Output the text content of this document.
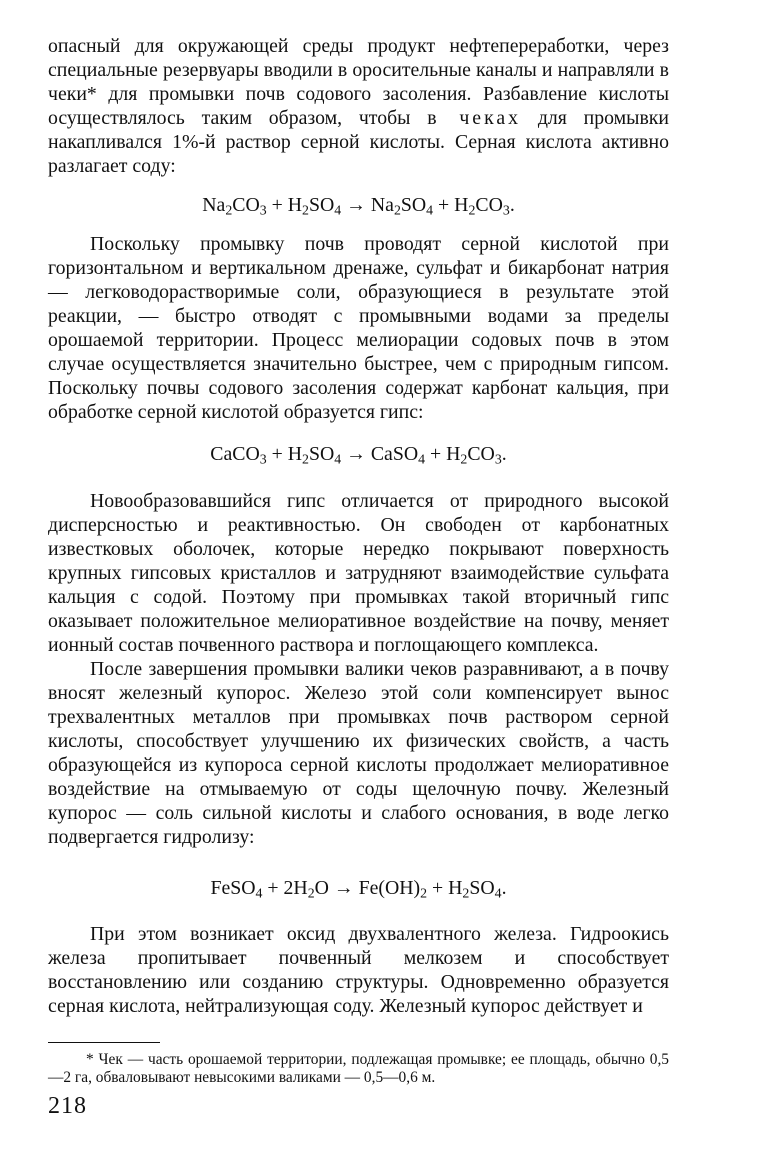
опасный для окружающей среды продукт нефтепереработки, через специальные резервуары вводили в оросительные каналы и направляли в чеки* для промывки почв содового засоления. Разбавление кислоты осуществлялось таким образом, чтобы в чеках для промывки накапливался 1%-й раствор серной кислоты. Серная кислота активно разлагает соду:

$Na_2CO_3 + H_2SO_4 \to Na_2SO_4 + H_2CO_3$.

Поскольку промывку почв проводят серной кислотой при горизонтальном и вертикальном дренаже, сульфат и бикарбонат натрия — легководорастворимые соли, образующиеся в результате этой реакции, — быстро отводят с промывными водами за пределы орошаемой территории. Процесс мелиорации содовых почв в этом случае осуществляется значительно быстрее, чем с природным гипсом. Поскольку почвы содового засоления содержат карбонат кальция, при обработке серной кислотой образуется гипс:

CaCO$_3$ + $H_2SO_4$ → CaSO$_4$ + $H_2CO_3$.

Новообразовавшийся гипс отличается от природного высокой дисперсностью и реактивностью. Он свободен от карбонатных известковых оболочек, которые нередко покрывают поверхность крупных гипсовых кристаллов и затрудняют взаимодействие сульфата кальция с содой. Поэтому при промывках такой вторичный гипс оказывает положительное мелиоративное воздействие на почву, меняет ионный состав почвенного раствора и поглощающего комплекса.

После завершения промывки валики чеков разравнивают, а в почву вносят железный купорос. Железо этой соли компенсирует вынос трехвалентных металлов при промывках почв раствором серной кислоты, способствует улучшению их физических свойств, а часть образующейся из купороса серной кислоты продолжает мелиоративное воздействие на отмываемую от соды щелочную почву. Железный купорос — соль сильной кислоты и слабого основания, в воде легко подвергается гидролизу:

FeSO$_4$ + $2H_2O \to Fe(OH)_2 + H_2SO_4$.

При этом возникает оксид двухвалентного железа. Гидроокись железа пропитывает почвенный мелкозем и способствует восстановлению или созданию структуры. Одновременно образуется серная кислота, нейтрализующая соду. Железный купорос действует и

* Чек — часть орошаемой территории, подлежащая промывке; ее площадь, обычно 0,5—2 га, обваловывают невысокими валиками — 0,5—0,6 м.

218
